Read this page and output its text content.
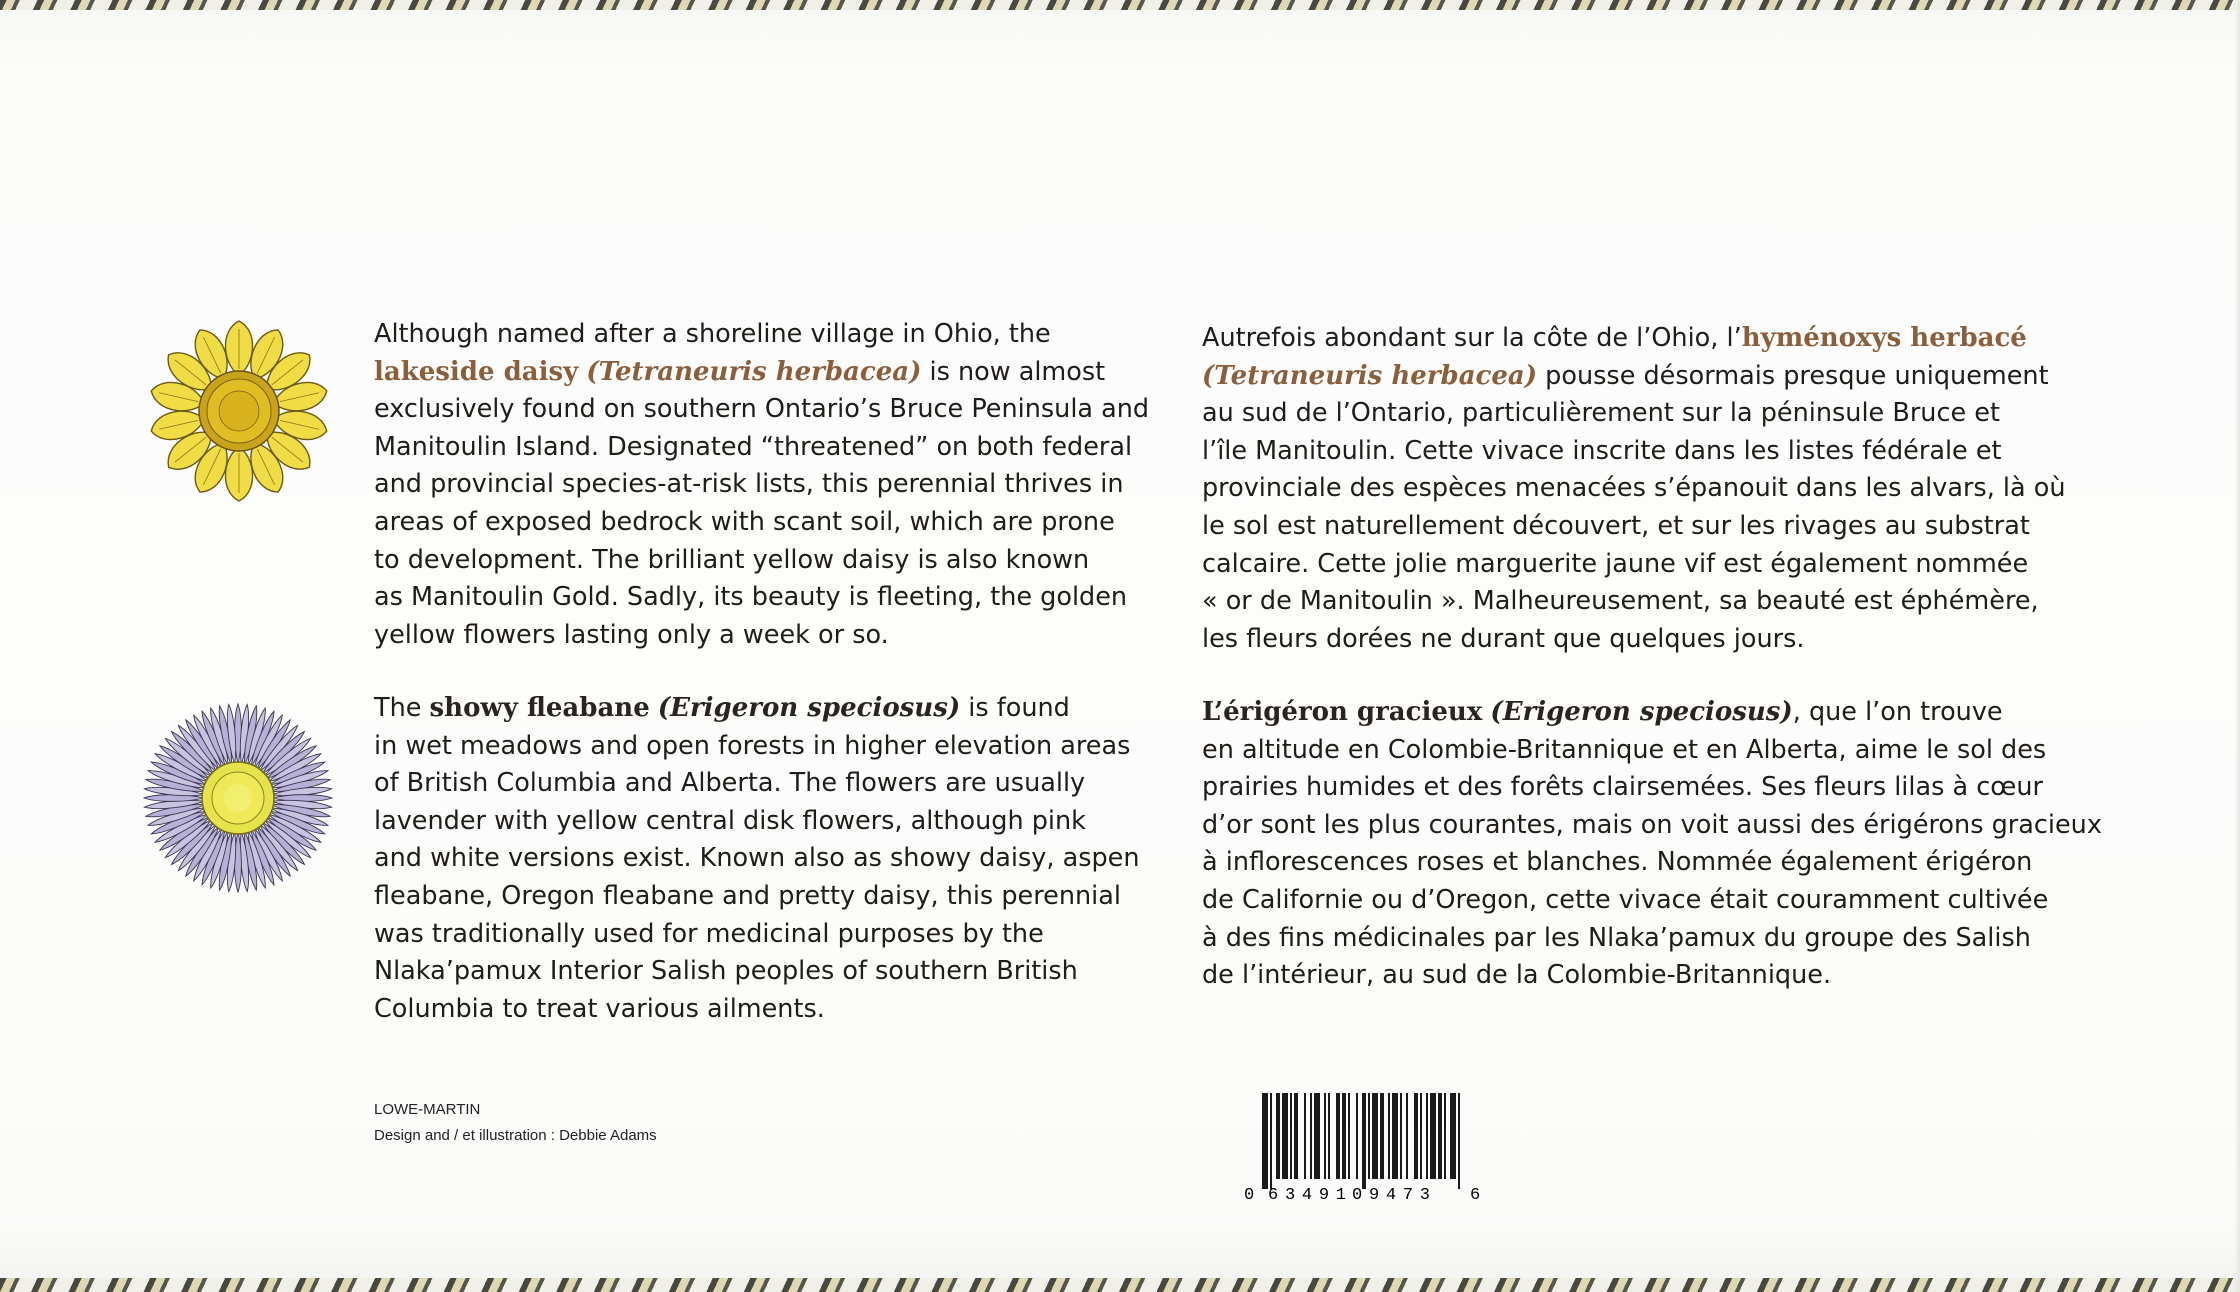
Although named after a shoreline village in Ohio, the
lakeside daisy (Tetraneuris herbacea) is now almost
exclusively found on southern Ontario’s Bruce Peninsula and
Manitoulin Island. Designated “threatened” on both federal
and provincial species-at-risk lists, this perennial thrives in
areas of exposed bedrock with scant soil, which are prone
to development. The brilliant yellow daisy is also known
as Manitoulin Gold. Sadly, its beauty is fleeting, the golden
yellow flowers lasting only a week or so.
The showy fleabane (Erigeron speciosus) is found
in wet meadows and open forests in higher elevation areas
of British Columbia and Alberta. The flowers are usually
lavender with yellow central disk flowers, although pink
and white versions exist. Known also as showy daisy, aspen
fleabane, Oregon fleabane and pretty daisy, this perennial
was traditionally used for medicinal purposes by the
Nlaka’pamux Interior Salish peoples of southern British
Columbia to treat various ailments.
Autrefois abondant sur la côte de l’Ohio, l’hyménoxys herbacé
(Tetraneuris herbacea) pousse désormais presque uniquement
au sud de l’Ontario, particulièrement sur la péninsule Bruce et
l’île Manitoulin. Cette vivace inscrite dans les listes fédérale et
provinciale des espèces menacées s’épanouit dans les alvars, là où
le sol est naturellement découvert, et sur les rivages au substrat
calcaire. Cette jolie marguerite jaune vif est également nommée
« or de Manitoulin ». Malheureusement, sa beauté est éphémère,
les fleurs dorées ne durant que quelques jours.
L’érigéron gracieux (Erigeron speciosus), que l’on trouve
en altitude en Colombie-Britannique et en Alberta, aime le sol des
prairies humides et des forêts clairsemées. Ses fleurs lilas à cœur
d’or sont les plus courantes, mais on voit aussi des érigérons gracieux
à inflorescences roses et blanches. Nommée également érigéron
de Californie ou d’Oregon, cette vivace était couramment cultivée
à des fins médicinales par les Nlaka’pamux du groupe des Salish
de l’intérieur, au sud de la Colombie-Britannique.
LOWE-MARTIN
Design and / et illustration : Debbie Adams
0 63491 09473 6
